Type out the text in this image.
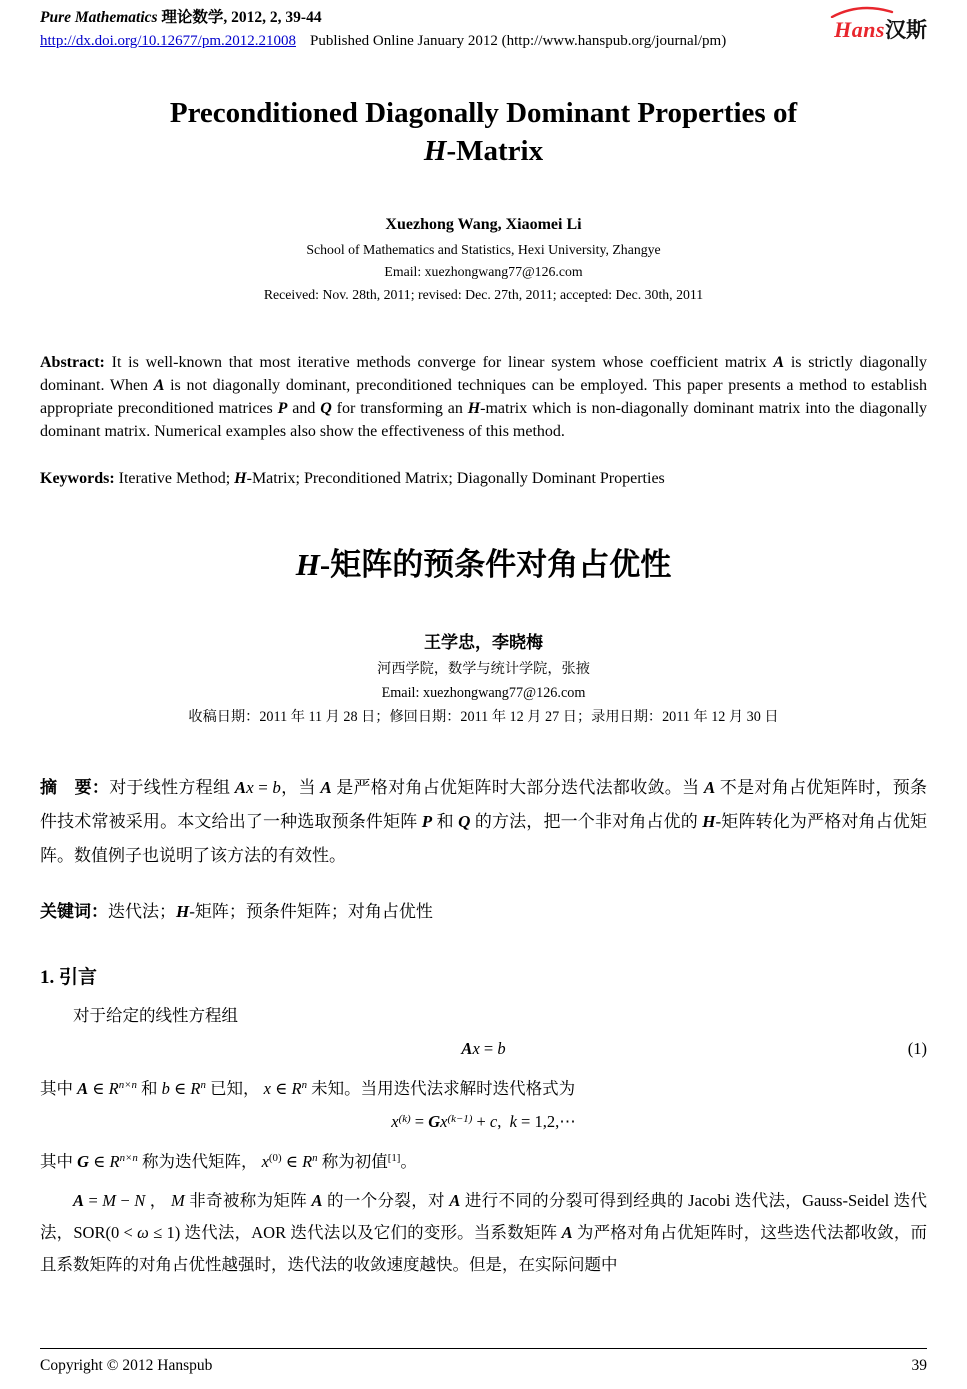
Pure Mathematics 理论数学, 2012, 2, 39-44
http://dx.doi.org/10.12677/pm.2012.21008 Published Online January 2012 (http://www.hanspub.org/journal/pm)	Hans汉斯
Preconditioned Diagonally Dominant Properties of
H-Matrix
Xuezhong Wang, Xiaomei Li
School of Mathematics and Statistics, Hexi University, Zhangye
Email: xuezhongwang77@126.com
Received: Nov. 28th, 2011; revised: Dec. 27th, 2011; accepted: Dec. 30th, 2011

Abstract: It is well-known that most iterative methods converge for linear system whose coefficient matrix A is strictly diagonally dominant. When A is not diagonally dominant, preconditioned techniques can be employed. This paper presents a method to establish appropriate preconditioned matrices P and Q for transforming an H-matrix which is non-diagonally dominant matrix into the diagonally dominant matrix. Numerical examples also show the effectiveness of this method.

Keywords: Iterative Method; H-Matrix; Preconditioned Matrix; Diagonally Dominant Properties

H-矩阵的预条件对角占优性
王学忠，李晓梅
河西学院，数学与统计学院，张掖
Email: xuezhongwang77@126.com
收稿日期：2011 年 11 月 28 日；修回日期：2011 年 12 月 27 日；录用日期：2011 年 12 月 30 日

摘　要：对于线性方程组 Ax = b，当 A 是严格对角占优矩阵时大部分迭代法都收敛。当 A 不是对角占优矩阵时，预条件技术常被采用。本文给出了一种选取预条件矩阵 P 和 Q 的方法，把一个非对角占优的 H-矩阵转化为严格对角占优矩阵。数值例子也说明了该方法的有效性。

关键词：迭代法；H-矩阵；预条件矩阵；对角占优性

1. 引言

对于给定的线性方程组

Ax = b	(1)

其中 A ∈ $R^{n\times n}$ 和 b ∈ $R^n$ 已知， x ∈ $R^n$ 未知。当用迭代法求解时迭代格式为

$x^{(k)} = Gx^{(k-1)} + c$,  k = 1,2,⋯

其中 G ∈ $R^{n\times n}$ 称为迭代矩阵， $x^{(0)}$ ∈ $R^n$ 称为初值[1]。

A = M − N ， M 非奇被称为矩阵 A 的一个分裂，对 A 进行不同的分裂可得到经典的 Jacobi 迭代法，Gauss-Seidel 迭代法，SOR(0 < ω ≤ 1) 迭代法，AOR 迭代法以及它们的变形。当系数矩阵 A 为严格对角占优矩阵时，这些迭代法都收敛，而且系数矩阵的对角占优性越强时，迭代法的收敛速度越快。但是，在实际问题中

Copyright © 2012 Hanspub	39
